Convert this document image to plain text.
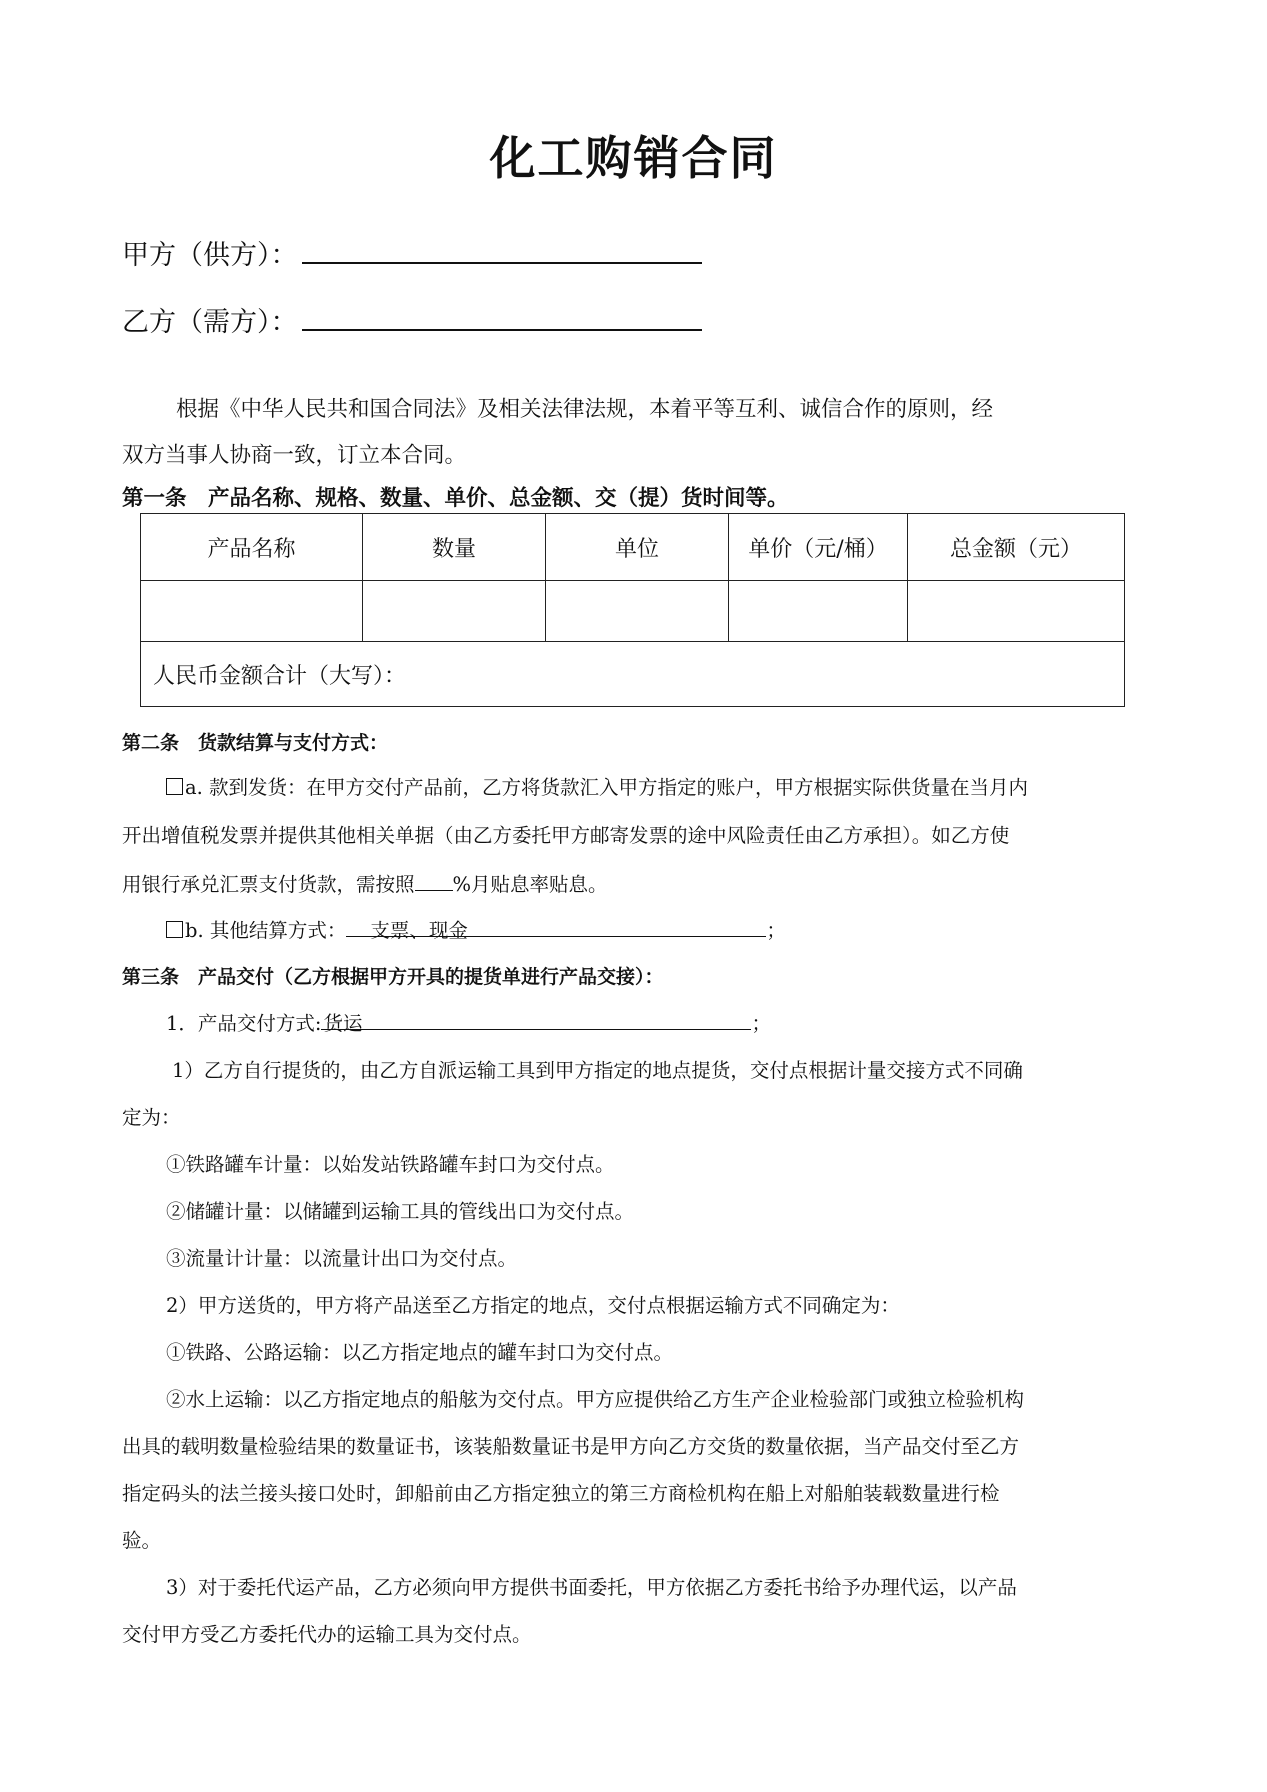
化工购销合同
甲方（供方）：
乙方（需方）：
根据《中华人民共和国合同法》及相关法律法规，本着平等互利、诚信合作的原则，经
双方当事人协商一致，订立本合同。
第一条　产品名称、规格、数量、单价、总金额、交（提）货时间等。
产品名称	数量	单位	单价（元/桶）	总金额（元）

人民币金额合计（大写）：				
第二条　货款结算与支付方式：
a. 款到发货：在甲方交付产品前，乙方将货款汇入甲方指定的账户，甲方根据实际供货量在当月内
开出增值税发票并提供其他相关单据（由乙方委托甲方邮寄发票的途中风险责任由乙方承担）。如乙方使
用银行承兑汇票支付货款，需按照 %月贴息率贴息。
b. 其他结算方式： 支票、现金	；
第三条　产品交付（乙方根据甲方开具的提货单进行产品交接）：
1．产品交付方式: 货运	；
1）乙方自行提货的，由乙方自派运输工具到甲方指定的地点提货，交付点根据计量交接方式不同确
定为：
①铁路罐车计量：以始发站铁路罐车封口为交付点。
②储罐计量：以储罐到运输工具的管线出口为交付点。
③流量计计量：以流量计出口为交付点。
2）甲方送货的，甲方将产品送至乙方指定的地点，交付点根据运输方式不同确定为：
①铁路、公路运输：以乙方指定地点的罐车封口为交付点。
②水上运输：以乙方指定地点的船舷为交付点。甲方应提供给乙方生产企业检验部门或独立检验机构
出具的载明数量检验结果的数量证书，该装船数量证书是甲方向乙方交货的数量依据，当产品交付至乙方
指定码头的法兰接头接口处时，卸船前由乙方指定独立的第三方商检机构在船上对船舶装载数量进行检
验。
3）对于委托代运产品，乙方必须向甲方提供书面委托，甲方依据乙方委托书给予办理代运，以产品
交付甲方受乙方委托代办的运输工具为交付点。
